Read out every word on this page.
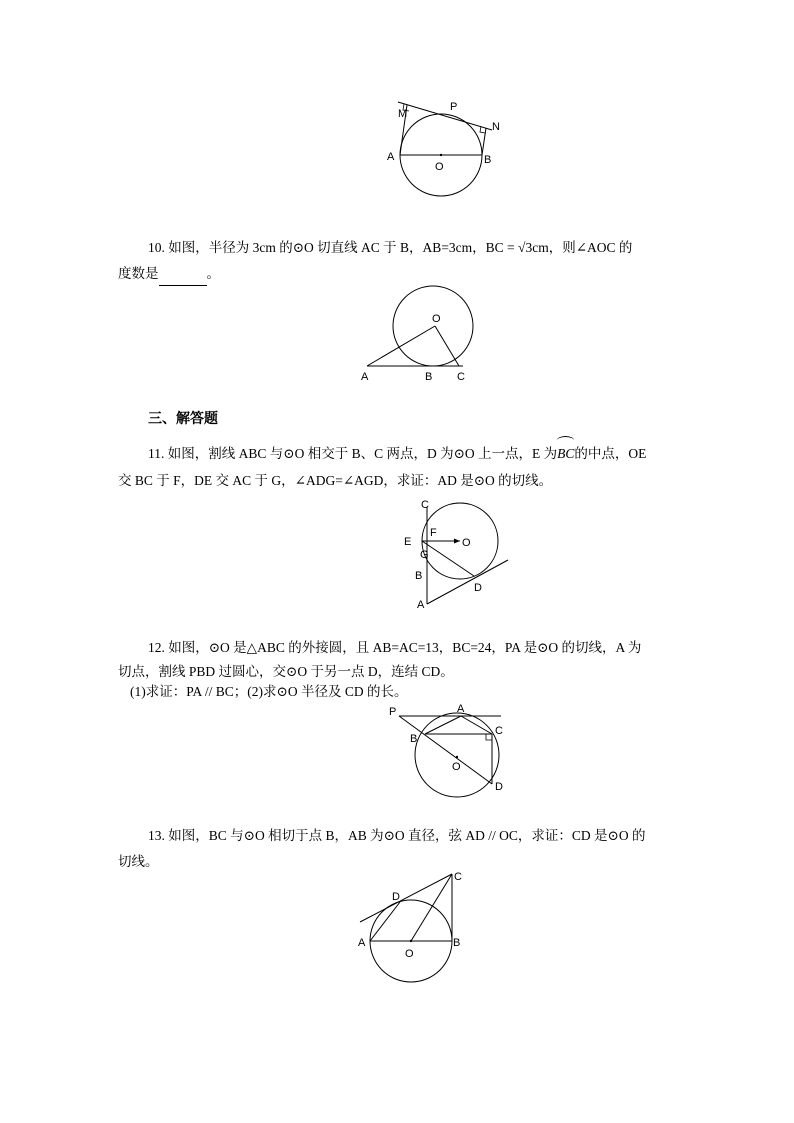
M
P
N
A
O
B
10. 如图，半径为 3cm 的⊙O 切直线 AC 于 B，AB=3cm，BC = √3cm，则∠AOC 的
度数是	。
O
A	B C
三、解答题
11. 如图，割线 ABC 与⊙O 相交于 B、C 两点，D 为⊙O 上一点，E 为
BC的中点，OE
交 BC 于 F，DE 交 AC 于 G，∠ADG=∠AGD，求证：AD 是⊙O 的切线。
C
F
O
E
G
B
D
A
12. 如图，⊙O 是△ABC 的外接圆，且 AB=AC=13，BC=24，PA 是⊙O 的切线，A 为
切点，割线 PBD 过圆心，交⊙O 于另一点 D，连结 CD。
(1)求证：PA // BC；(2)求⊙O 半径及 CD 的长。
P	A
B
C
O
D
13. 如图，BC 与⊙O 相切于点 B，AB 为⊙O 直径，弦 AD // OC，求证：CD 是⊙O 的
切线。
C
D
A
O
B
